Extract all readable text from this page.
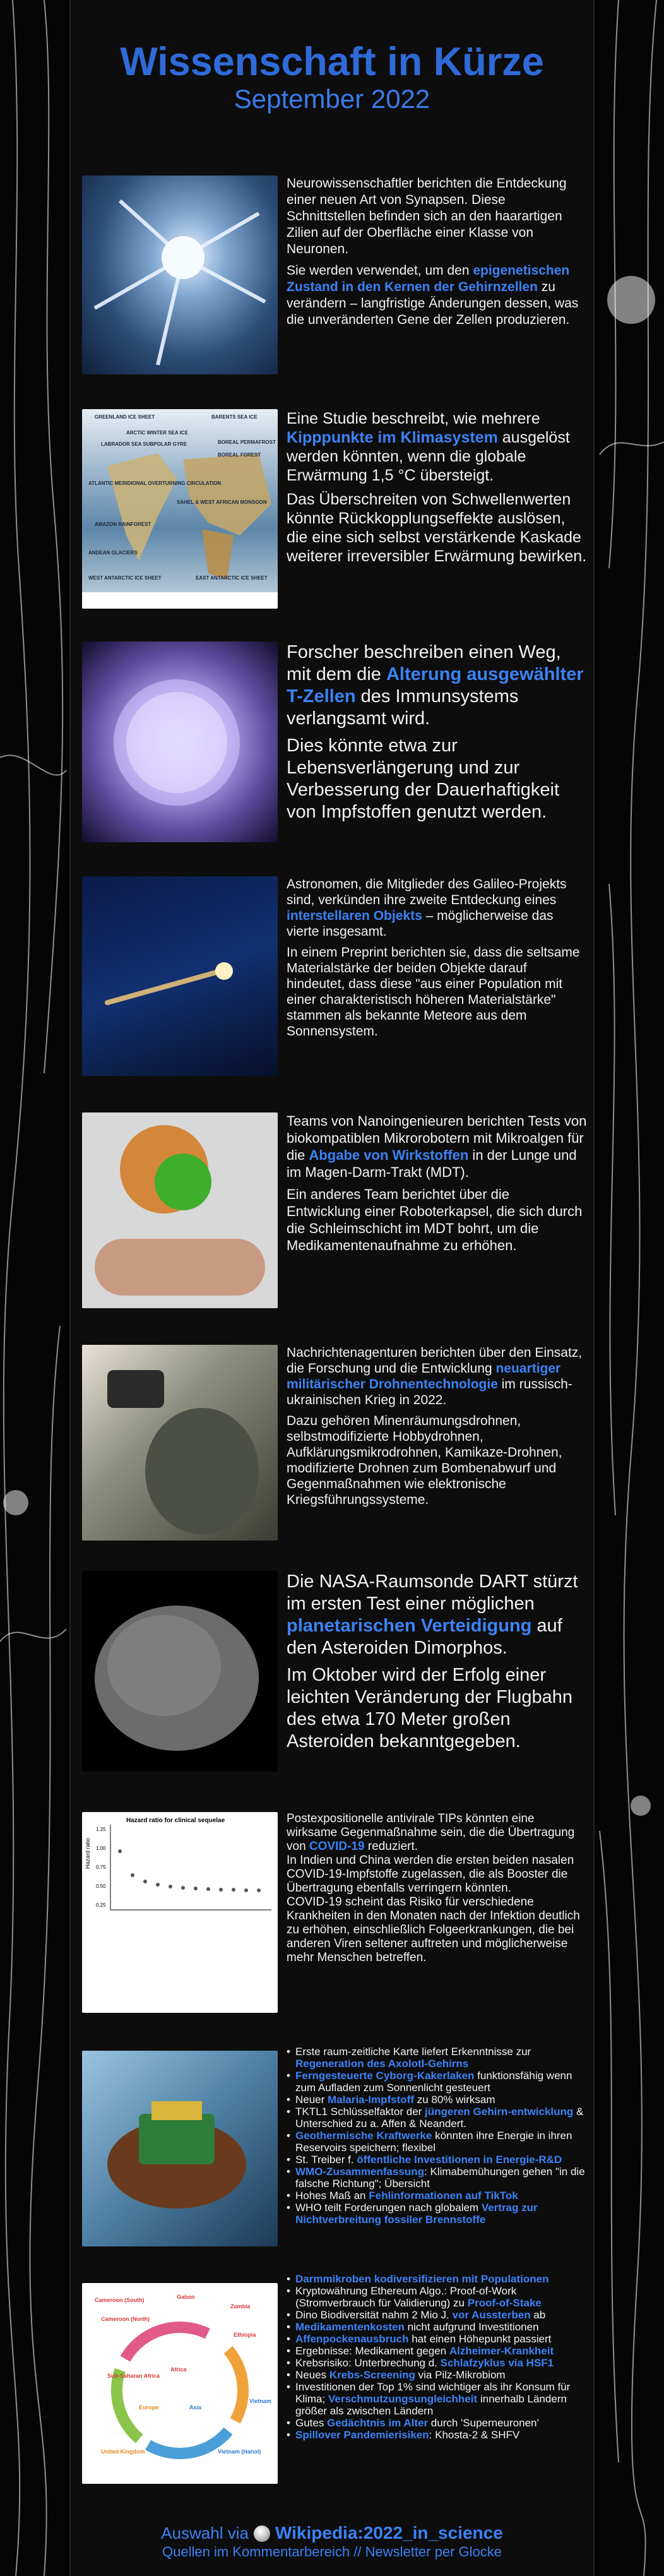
Wissenschaft in Kürze
September 2022

Neurowissenschaftler berichten die Entdeckung einer neuen Art von Synapsen. Diese Schnittstellen befinden sich an den haarartigen Zilien auf der Oberfläche einer Klasse von Neuronen.

Sie werden verwendet, um den epigenetischen Zustand in den Kernen der Gehirnzellen zu verändern – langfristige Änderungen dessen, was die unveränderten Gene der Zellen produzieren.

GREENLAND ICE SHEET	BARENTS SEA ICE
ARCTIC WINTER SEA ICE
LABRADOR SEA SUBPOLAR GYRE	BOREAL PERMAFROST
BOREAL FOREST
ATLANTIC MERIDIONAL OVERTURNING CIRCULATION
SAHEL & WEST AFRICAN MONSOON
AMAZON RAINFOREST
ANDEAN GLACIERS
WEST ANTARCTIC ICE SHEET	EAST ANTARCTIC ICE SHEET

Eine Studie beschreibt, wie mehrere Kipppunkte im Klimasystem ausgelöst werden könnten, wenn die globale Erwärmung 1,5 °C übersteigt.

Das Überschreiten von Schwellenwerten könnte Rückkopplungseffekte auslösen, die eine sich selbst verstärkende Kaskade weiterer irreversibler Erwärmung bewirken.

Forscher beschreiben einen Weg, mit dem die Alterung ausgewählter T-Zellen des Immunsystems verlangsamt wird.

Dies könnte etwa zur Lebensverlängerung und zur Verbesserung der Dauerhaftigkeit von Impfstoffen genutzt werden.

Astronomen, die Mitglieder des Galileo-Projekts sind, verkünden ihre zweite Entdeckung eines interstellaren Objekts – möglicherweise das vierte insgesamt.

In einem Preprint berichten sie, dass die seltsame Materialstärke der beiden Objekte darauf hindeutet, dass diese "aus einer Population mit einer charakteristisch höheren Materialstärke" stammen als bekannte Meteore aus dem Sonnensystem.

Teams von Nanoingenieuren berichten Tests von biokompatiblen Mikrorobotern mit Mikroalgen für die Abgabe von Wirkstoffen in der Lunge und im Magen-Darm-Trakt (MDT).

Ein anderes Team berichtet über die Entwicklung einer Roboterkapsel, die sich durch die Schleimschicht im MDT bohrt, um die Medikamentenaufnahme zu erhöhen.

Nachrichtenagenturen berichten über den Einsatz, die Forschung und die Entwicklung neuartiger militärischer Drohnentechnologie im russisch-ukrainischen Krieg in 2022.

Dazu gehören Minenräumungsdrohnen, selbstmodifizierte Hobbydrohnen, Aufklärungsmikrodrohnen, Kamikaze-Drohnen, modifizierte Drohnen zum Bombenabwurf und Gegenmaßnahmen wie elektronische Kriegsführungssysteme.

Die NASA-Raumsonde DART stürzt im ersten Test einer möglichen planetarischen Verteidigung auf den Asteroiden Dimorphos.

Im Oktober wird der Erfolg einer leichten Veränderung der Flugbahn des etwa 170 Meter großen Asteroiden bekanntgegeben.

Hazard ratio for clinical sequelae
Hazard ratio
1.25
1.00
0.75
0.50
0.25

Postexpositionelle antivirale TIPs könnten eine wirksame Gegenmaßnahme sein, die die Übertragung von COVID-19 reduziert.

In Indien und China werden die ersten beiden nasalen COVID-19-Impfstoffe zugelassen, die als Booster die Übertragung ebenfalls verringern könnten.

COVID-19 scheint das Risiko für verschiedene Krankheiten in den Monaten nach der Infektion deutlich zu erhöhen, einschließlich Folgeerkrankungen, die bei anderen Viren seltener auftreten und möglicherweise mehr Menschen betreffen.

• Erste raum-zeitliche Karte liefert Erkenntnisse zur Regeneration des Axolotl-Gehirns
• Ferngesteuerte Cyborg-Kakerlaken funktionsfähig wenn zum Aufladen zum Sonnenlicht gesteuert
• Neuer Malaria-Impfstoff zu 80% wirksam
• TKTL1 Schlüsselfaktor der jüngeren Gehirn-entwicklung & Unterschied zu a. Affen & Neandert.
• Geothermische Kraftwerke könnten ihre Energie in ihren Reservoirs speichern; flexibel
• St. Treiber f. öffentliche Investitionen in Energie-R&D
• WMO-Zusammenfassung: Klimabemühungen gehen "in die falsche Richtung"; Übersicht
• Hohes Maß an Fehlinformationen auf TikTok
• WHO teilt Forderungen nach globalem Vertrag zur Nichtverbreitung fossiler Brennstoffe
Cameroon (South)
Cameroon (North)
Gabon
Zambia
Ethiopia
Vietnam
Europe	Asia
Africa
Sub-Saharan Africa
United Kingdom	Vietnam (Hanoi)
• Darmmikroben kodiversifizieren mit Populationen
• Kryptowährung Ethereum Algo.: Proof-of-Work (Stromverbrauch für Validierung) zu Proof-of-Stake
• Dino Biodiversität nahm 2 Mio J. vor Aussterben ab
• Medikamentenkosten nicht aufgrund Investitionen
• Affenpockenausbruch hat einen Höhepunkt passiert
• Ergebnisse: Medikament gegen Alzheimer-Krankheit
• Krebsrisiko: Unterbrechung d. Schlafzyklus via HSF1
• Neues Krebs-Screening via Pilz-Mikrobiom
• Investitionen der Top 1% sind wichtiger als ihr Konsum für Klima; Verschmutzungsungleichheit innerhalb Ländern größer als zwischen Ländern
• Gutes Gedächtnis im Alter durch 'Superneuronen'
• Spillover Pandemierisiken: Khosta-2 & SHFV
Auswahl via Wikipedia:2022_in_science
Quellen im Kommentarbereich // Newsletter per Glocke
